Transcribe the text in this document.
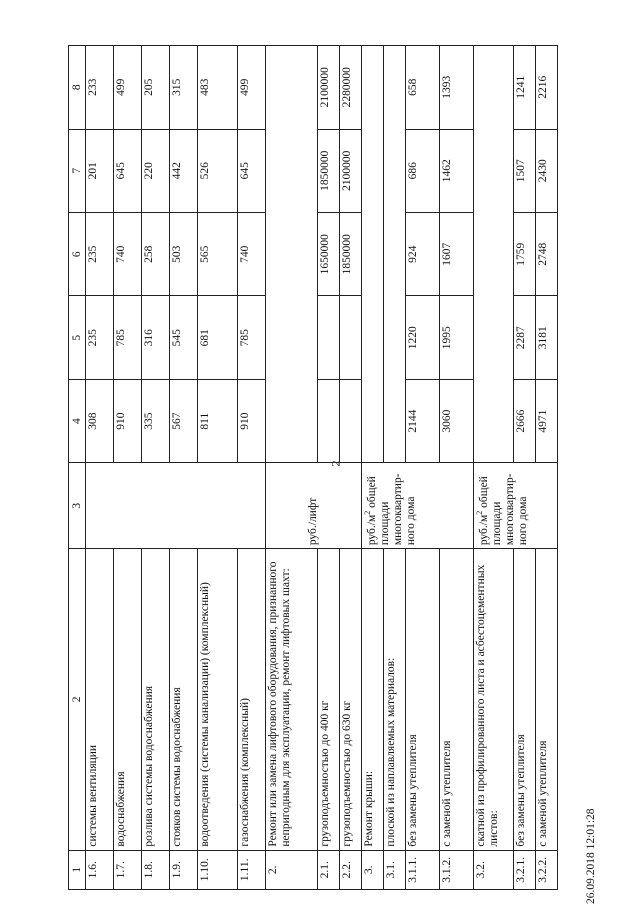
2
26.09.2018 12:01:28
1	2	3	4	5	6	7	8
1.6.	системы вентиляции		308	235	235	201	233
1.7.	водоснабжения		910	785	740	645	499
1.8.	розлива системы водоснабжения		335	316	258	220	205
1.9.	стояков системы водоснабжения		567	545	503	442	315
1.10.	водоотведения (системы канализации) (комплексный)		811	681	565	526	483
1.11.	газоснабжения (комплексный)		910	785	740	645	499
2.	Ремонт или замена лифтового оборудования, признанного непригодным для эксплуатации, ремонт лифтовых шахт:	руб./лифт					
2.1.	грузоподъемностью до 400 кг				1650000	1850000	2100000
2.2.	грузоподъемностью до 630 кг				1850000	2100000	2280000
3.	Ремонт крыши:	$руб./м^2$ общей площади многоквартир-ного дома					
3.1.	плоской из наплавляемых материалов:						
3.1.1.	без замены утеплителя		2144	1220	924	686	658
3.1.2.	с заменой утеплителя		3060	1995	1607	1462	1393
3.2.	скатной из профилированного листа и асбестоцементных листов:	$руб./м^2$ общей площади многоквартир-ного дома					
3.2.1.	без замены утеплителя		2666	2287	1759	1507	1241
3.2.2.	с заменой утеплителя		4971	3181	2748	2430	2216
